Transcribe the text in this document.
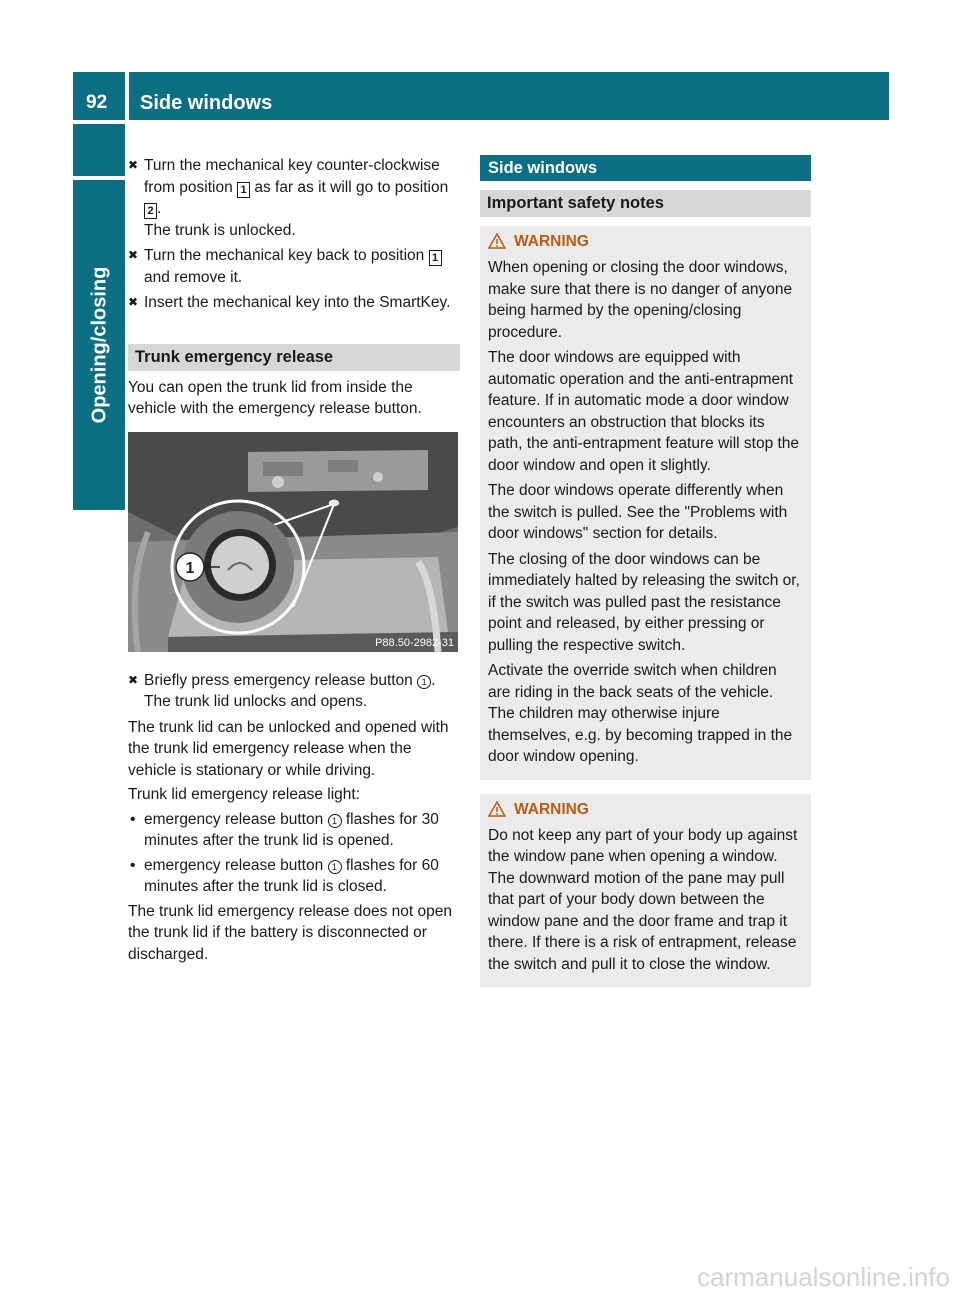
92 Side windows
Opening/closing
✖ Turn the mechanical key counter-clockwise from position 1 as far as it will go to position 2 .
The trunk is unlocked.
✖ Turn the mechanical key back to position 1 and remove it.
✖ Insert the mechanical key into the SmartKey.
Trunk emergency release

You can open the trunk lid from inside the vehicle with the emergency release button.

1
P88.50-2982-31
✖ Briefly press emergency release button 1 .
The trunk lid unlocks and opens.

The trunk lid can be unlocked and opened with the trunk lid emergency release when the vehicle is stationary or while driving.

Trunk lid emergency release light:

• emergency release button 1 flashes for 30 minutes after the trunk lid is opened.
• emergency release button 1 flashes for 60 minutes after the trunk lid is closed.

The trunk lid emergency release does not open the trunk lid if the battery is disconnected or discharged.

Side windows
Important safety notes
WARNING

When opening or closing the door windows, make sure that there is no danger of anyone being harmed by the opening/closing procedure.

The door windows are equipped with automatic operation and the anti-entrapment feature. If in automatic mode a door window encounters an obstruction that blocks its path, the anti-entrapment feature will stop the door window and open it slightly.

The door windows operate differently when the switch is pulled. See the "Problems with door windows" section for details.

The closing of the door windows can be immediately halted by releasing the switch or, if the switch was pulled past the resistance point and released, by either pressing or pulling the respective switch.

Activate the override switch when children are riding in the back seats of the vehicle. The children may otherwise injure themselves, e.g. by becoming trapped in the door window opening.

WARNING

Do not keep any part of your body up against the window pane when opening a window. The downward motion of the pane may pull that part of your body down between the window pane and the door frame and trap it there. If there is a risk of entrapment, release the switch and pull it to close the window.

carmanualsonline.info
